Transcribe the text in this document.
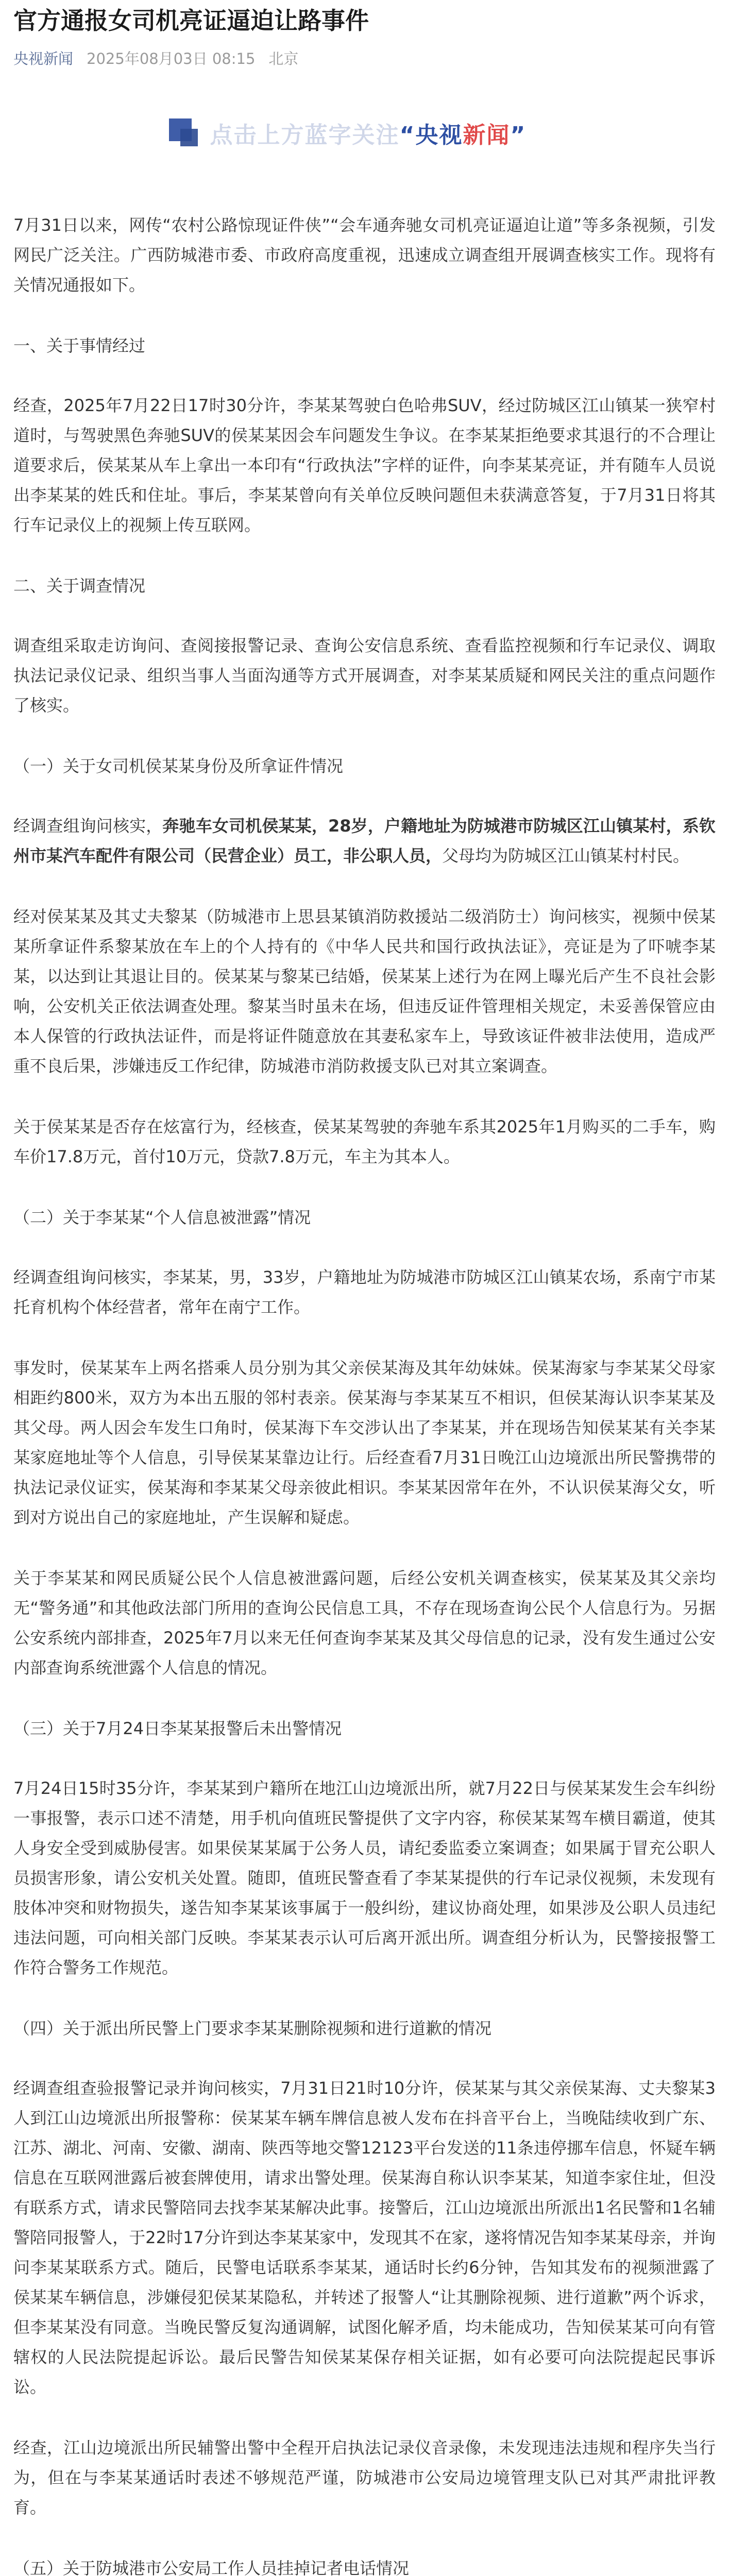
官方通报女司机亮证逼迫让路事件
央视新闻 2025年08月03日 08:15 北京
点击上方蓝字关注“央视新闻”

7月31日以来，网传“农村公路惊现证件侠”“会车通奔驰女司机亮证逼迫让道”等多条视频，引发网民广泛关注。广西防城港市委、市政府高度重视，迅速成立调查组开展调查核实工作。现将有关情况通报如下。

一、关于事情经过

经查，2025年7月22日17时30分许，李某某驾驶白色哈弗SUV，经过防城区江山镇某一狭窄村道时，与驾驶黑色奔驰SUV的侯某某因会车问题发生争议。在李某某拒绝要求其退行的不合理让道要求后，侯某某从车上拿出一本印有“行政执法”字样的证件，向李某某亮证，并有随车人员说出李某某的姓氏和住址。事后，李某某曾向有关单位反映问题但未获满意答复，于7月31日将其行车记录仪上的视频上传互联网。

二、关于调查情况

调查组采取走访询问、查阅接报警记录、查询公安信息系统、查看监控视频和行车记录仪、调取执法记录仪记录、组织当事人当面沟通等方式开展调查，对李某某质疑和网民关注的重点问题作了核实。

（一）关于女司机侯某某身份及所拿证件情况

经调查组询问核实，奔驰车女司机侯某某，28岁，户籍地址为防城港市防城区江山镇某村，系钦州市某汽车配件有限公司（民营企业）员工，非公职人员，父母均为防城区江山镇某村村民。

经对侯某某及其丈夫黎某（防城港市上思县某镇消防救援站二级消防士）询问核实，视频中侯某某所拿证件系黎某放在车上的个人持有的《中华人民共和国行政执法证》，亮证是为了吓唬李某某，以达到让其退让目的。侯某某与黎某已结婚，侯某某上述行为在网上曝光后产生不良社会影响，公安机关正依法调查处理。黎某当时虽未在场，但违反证件管理相关规定，未妥善保管应由本人保管的行政执法证件，而是将证件随意放在其妻私家车上，导致该证件被非法使用，造成严重不良后果，涉嫌违反工作纪律，防城港市消防救援支队已对其立案调查。

关于侯某某是否存在炫富行为，经核查，侯某某驾驶的奔驰车系其2025年1月购买的二手车，购车价17.8万元，首付10万元，贷款7.8万元，车主为其本人。

（二）关于李某某“个人信息被泄露”情况

经调查组询问核实，李某某，男，33岁，户籍地址为防城港市防城区江山镇某农场，系南宁市某托育机构个体经营者，常年在南宁工作。

事发时，侯某某车上两名搭乘人员分别为其父亲侯某海及其年幼妹妹。侯某海家与李某某父母家相距约800米，双方为本出五服的邻村表亲。侯某海与李某某互不相识，但侯某海认识李某某及其父母。两人因会车发生口角时，侯某海下车交涉认出了李某某，并在现场告知侯某某有关李某某家庭地址等个人信息，引导侯某某靠边让行。后经查看7月31日晚江山边境派出所民警携带的执法记录仪证实，侯某海和李某某父母亲彼此相识。李某某因常年在外，不认识侯某海父女，听到对方说出自己的家庭地址，产生误解和疑虑。

关于李某某和网民质疑公民个人信息被泄露问题，后经公安机关调查核实，侯某某及其父亲均无“警务通”和其他政法部门所用的查询公民信息工具，不存在现场查询公民个人信息行为。另据公安系统内部排查，2025年7月以来无任何查询李某某及其父母信息的记录，没有发生通过公安内部查询系统泄露个人信息的情况。

（三）关于7月24日李某某报警后未出警情况

7月24日15时35分许，李某某到户籍所在地江山边境派出所，就7月22日与侯某某发生会车纠纷一事报警，表示口述不清楚，用手机向值班民警提供了文字内容，称侯某某驾车横目霸道，使其人身安全受到威胁侵害。如果侯某某属于公务人员，请纪委监委立案调查；如果属于冒充公职人员损害形象，请公安机关处置。随即，值班民警查看了李某某提供的行车记录仪视频，未发现有肢体冲突和财物损失，遂告知李某某该事属于一般纠纷，建议协商处理，如果涉及公职人员违纪违法问题，可向相关部门反映。李某某表示认可后离开派出所。调查组分析认为，民警接报警工作符合警务工作规范。

（四）关于派出所民警上门要求李某某删除视频和进行道歉的情况

经调查组查验报警记录并询问核实，7月31日21时10分许，侯某某与其父亲侯某海、丈夫黎某3人到江山边境派出所报警称：侯某某车辆车牌信息被人发布在抖音平台上，当晚陆续收到广东、江苏、湖北、河南、安徽、湖南、陕西等地交警12123平台发送的11条违停挪车信息，怀疑车辆信息在互联网泄露后被套牌使用，请求出警处理。侯某海自称认识李某某，知道李家住址，但没有联系方式，请求民警陪同去找李某某解决此事。接警后，江山边境派出所派出1名民警和1名辅警陪同报警人，于22时17分许到达李某某家中，发现其不在家，遂将情况告知李某某母亲，并询问李某某联系方式。随后，民警电话联系李某某，通话时长约6分钟，告知其发布的视频泄露了侯某某车辆信息，涉嫌侵犯侯某某隐私，并转述了报警人“让其删除视频、进行道歉”两个诉求，但李某某没有同意。当晚民警反复沟通调解，试图化解矛盾，均未能成功，告知侯某某可向有管辖权的人民法院提起诉讼。最后民警告知侯某某保存相关证据，如有必要可向法院提起民事诉讼。

经查，江山边境派出所民辅警出警中全程开启执法记录仪音录像，未发现违法违规和程序失当行为，但在与李某某通话时表述不够规范严谨，防城港市公安局边境管理支队已对其严肃批评教育。

（五）关于防城港市公安局工作人员挂掉记者电话情况
